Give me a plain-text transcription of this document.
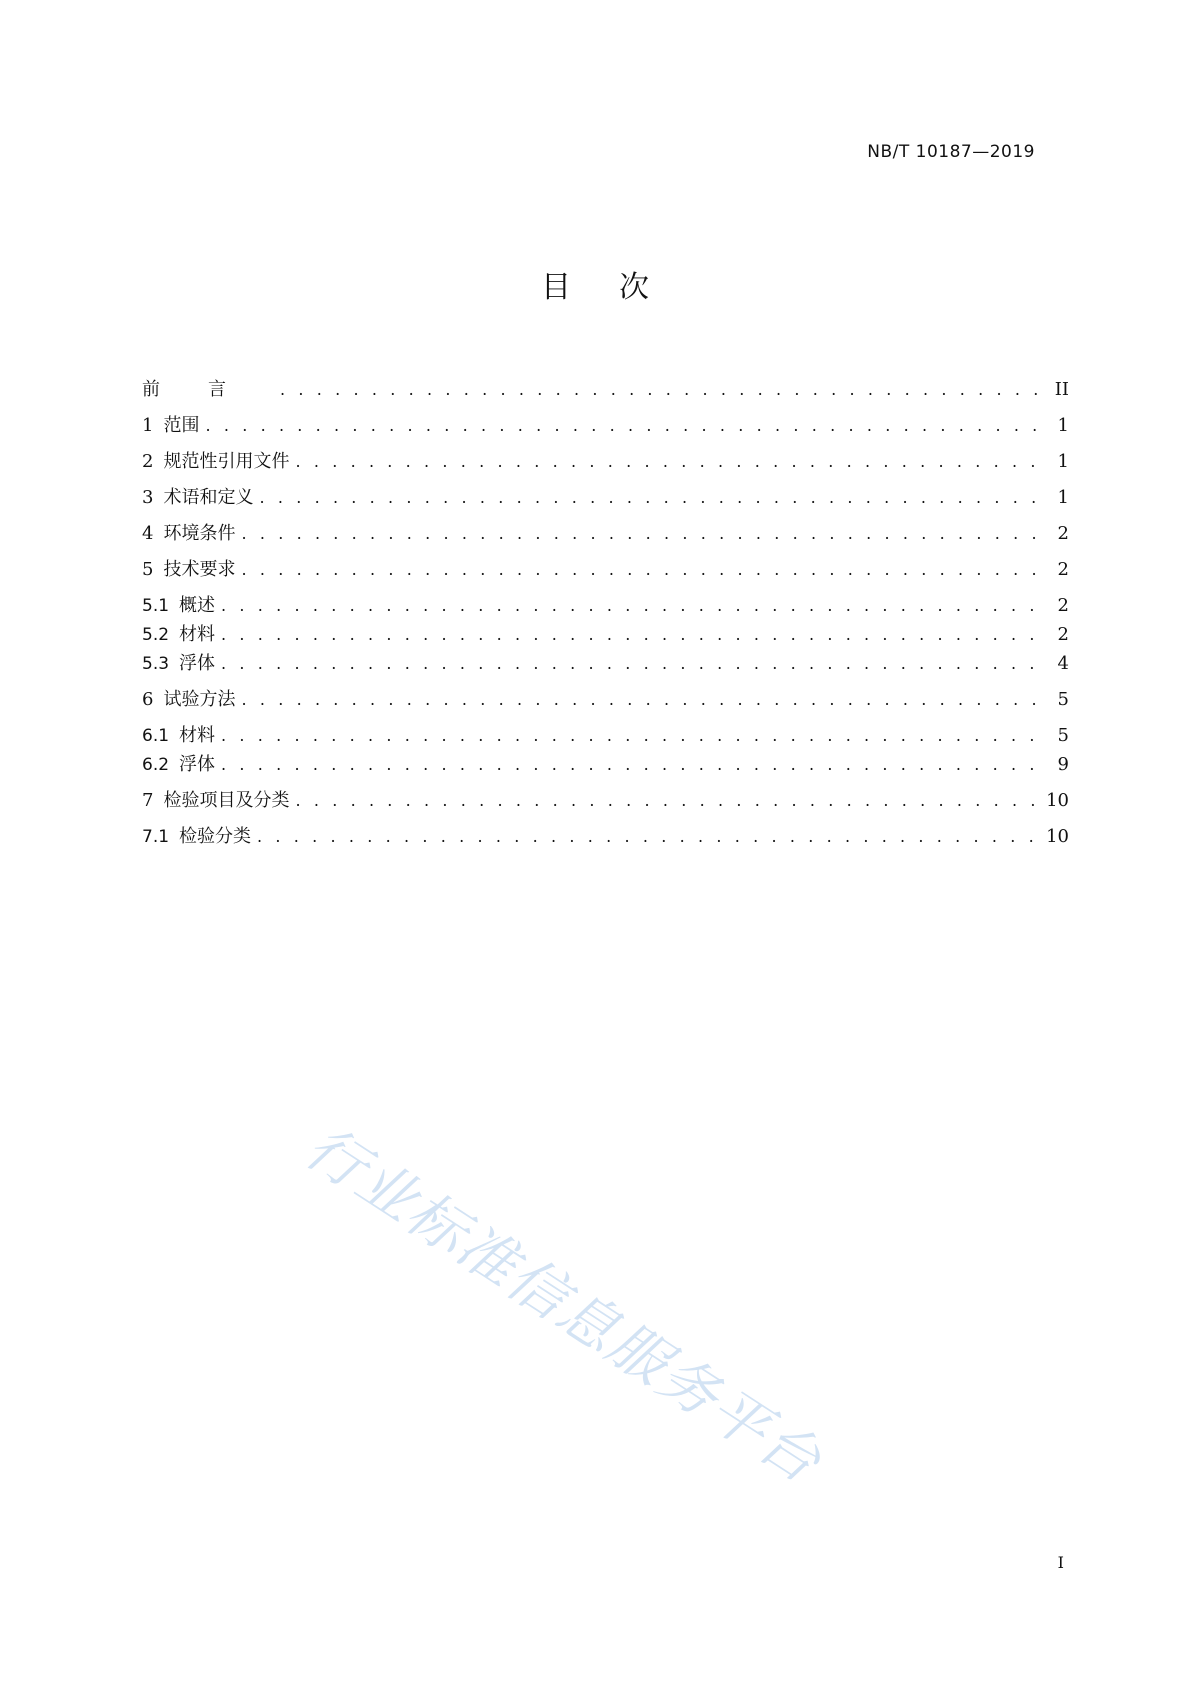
NB/T 10187—2019
目次
前言 . . .	II
1 范围 . . .	1
2 规范性引用文件 . . .	1
3 术语和定义 . . .	1
4 环境条件 . . .	2
5 技术要求 . . .	2
5.1 概述 . . .	2
5.2 材料 . . .	2
5.3 浮体 . . .	4
6 试验方法 . . .	5
6.1 材料 . . .	5
6.2 浮体 . . .	9
7 检验项目及分类 . . .	10
7.1 检验分类 . . .	10
行业标准信息服务平台
I
